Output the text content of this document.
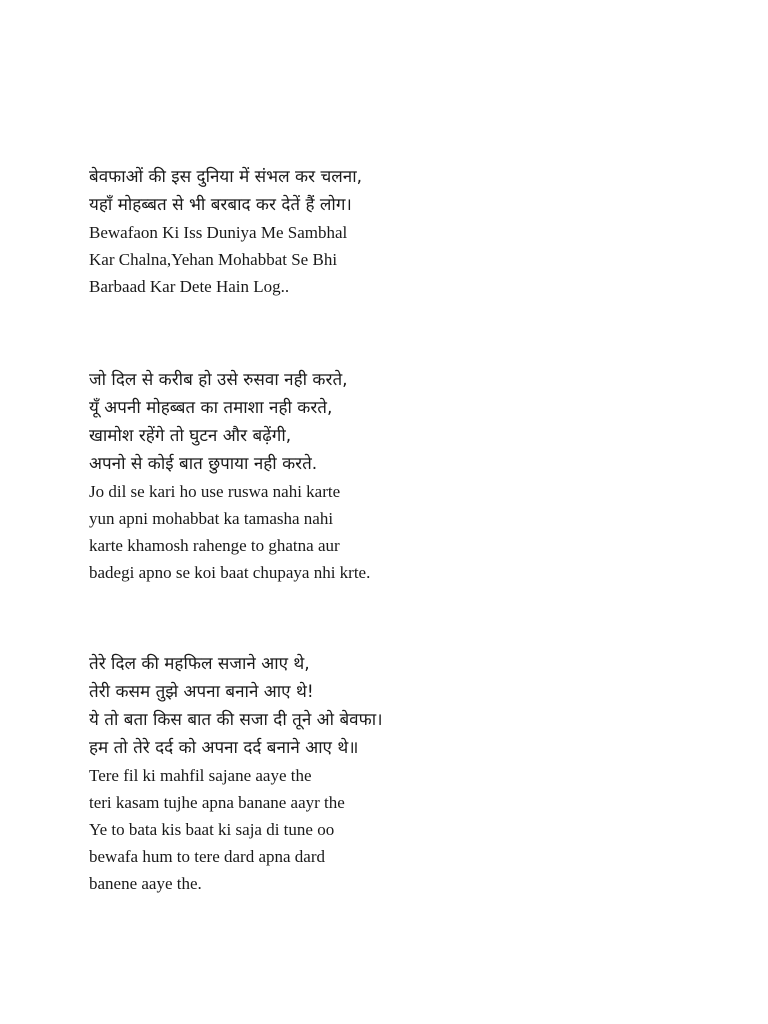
बेवफाओं की इस दुनिया में संभल कर चलना,
यहाँ मोहब्बत से भी बरबाद कर देतें हैं लोग।
Bewafaon Ki Iss Duniya Me Sambhal
Kar Chalna,Yehan Mohabbat Se Bhi
Barbaad Kar Dete Hain Log..
जो दिल से करीब हो उसे रुसवा नही करते,
यूँ अपनी मोहब्बत का तमाशा नही करते,
खामोश रहेंगे तो घुटन और बढ़ेंगी,
अपनो से कोई बात छुपाया नही करते.
Jo dil se kari ho use ruswa nahi karte
yun apni mohabbat ka tamasha nahi
karte khamosh rahenge to ghatna aur
badegi apno se koi baat chupaya nhi krte.
तेरे दिल की महफिल सजाने आए थे,
तेरी कसम तुझे अपना बनाने आए थे!
ये तो बता किस बात की सजा दी तूने ओ बेवफा।
हम तो तेरे दर्द को अपना दर्द बनाने आए थे॥
Tere fil ki mahfil sajane aaye the
teri kasam tujhe apna banane aayr the
Ye to bata kis baat ki saja di tune oo
bewafa hum to tere dard apna dard
banene aaye the.
